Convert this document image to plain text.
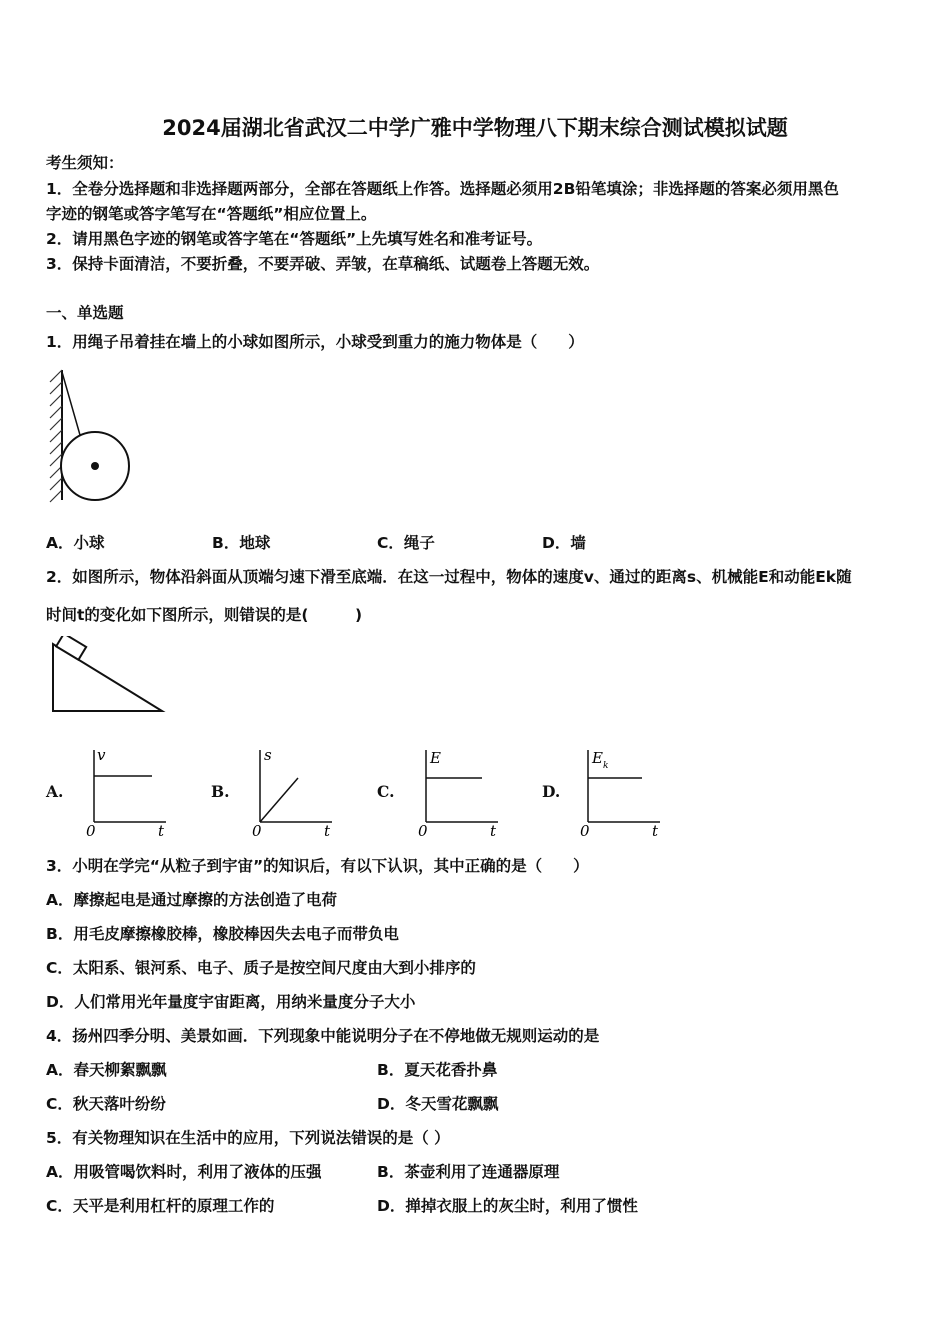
2024届湖北省武汉二中学广雅中学物理八下期末综合测试模拟试题
考生须知：
1．全卷分选择题和非选择题两部分，全部在答题纸上作答。选择题必须用2B铅笔填涂；非选择题的答案必须用黑色
字迹的钢笔或答字笔写在“答题纸”相应位置上。
2．请用黑色字迹的钢笔或答字笔在“答题纸”上先填写姓名和准考证号。
3．保持卡面清洁，不要折叠，不要弄破、弄皱，在草稿纸、试题卷上答题无效。
一、单选题
1．用绳子吊着挂在墙上的小球如图所示，小球受到重力的施力物体是（　　）
A．小球	B．地球	C．绳子	D．墙
2．如图所示，物体沿斜面从顶端匀速下滑至底端．在这一过程中，物体的速度v、通过的距离s、机械能E和动能Ek随
时间t的变化如下图所示，则错误的是(　　　)
A.
v
0	t
B.
s
0	t
C.
E
0	t
D.
E k
0	t
3．小明在学完“从粒子到宇宙”的知识后，有以下认识，其中正确的是（　　）
A．摩擦起电是通过摩擦的方法创造了电荷
B．用毛皮摩擦橡胶棒，橡胶棒因失去电子而带负电
C．太阳系、银河系、电子、质子是按空间尺度由大到小排序的
D．人们常用光年量度宇宙距离，用纳米量度分子大小
4．扬州四季分明、美景如画．下列现象中能说明分子在不停地做无规则运动的是
A．春天柳絮飘飘	B．夏天花香扑鼻
C．秋天落叶纷纷	D．冬天雪花飘飘
5．有关物理知识在生活中的应用，下列说法错误的是（ ）
A．用吸管喝饮料时，利用了液体的压强	B．茶壶利用了连通器原理
C．天平是利用杠杆的原理工作的	D．掸掉衣服上的灰尘时，利用了惯性
